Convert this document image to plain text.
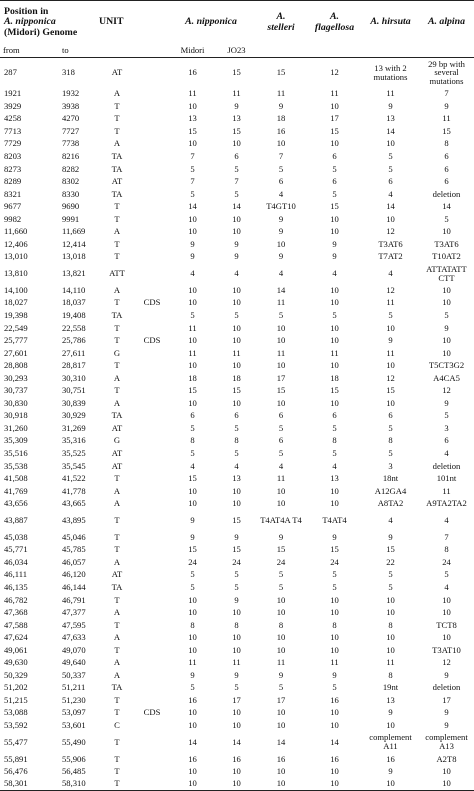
Position in
A. nipponica
(Midori) Genome		UNIT		A. nipponica		A.
stelleri	A.
flagellosa	A. hirsuta	A. alpina
from	to			Midori	JO23				
287	318	AT		16	15	15	12	13 with 2 mutations	29 bp with several mutations
1921	1932	A		11	11	11	11	11	7
3929	3938	T		10	9	9	10	9	9
4258	4270	T		13	13	18	17	13	11
7713	7727	T		15	15	16	15	14	15
7729	7738	A		10	10	10	10	10	8
8203	8216	TA		7	6	7	6	5	6
8273	8282	TA		5	5	5	5	5	6
8289	8302	AT		7	7	6	6	6	6
8321	8330	TA		5	5	4	5	4	deletion
9677	9690	T		14	14	T4GT10	15	14	14
9982	9991	T		10	10	9	10	10	5
11,660	11,669	A		10	10	9	10	12	10
12,406	12,414	T		9	9	10	9	T3AT6	T3AT6
13,010	13,018	T		9	9	9	9	T7AT2	T10AT2
13,810	13,821	ATT		4	4	4	4	4	ATTATATT CTT
14,100	14,110	A		10	10	14	10	12	10
18,027	18,037	T	CDS	10	10	11	10	11	10
19,398	19,408	TA		5	5	5	5	5	5
22,549	22,558	T		11	10	10	10	10	9
25,777	25,786	T	CDS	10	10	10	10	9	10
27,601	27,611	G		11	11	11	11	11	10
28,808	28,817	T		10	10	10	10	10	T5CT3G2
30,293	30,310	A		18	18	17	18	12	A4CA5
30,737	30,751	T		15	15	15	15	15	12
30,830	30,839	A		10	10	10	10	10	9
30,918	30,929	TA		6	6	6	6	6	5
31,260	31,269	AT		5	5	5	5	5	3
35,309	35,316	G		8	8	6	8	8	6
35,516	35,525	AT		5	5	5	5	5	4
35,538	35,545	AT		4	4	4	4	3	deletion
41,508	41,522	T		15	13	11	13	18nt	101nt
41,769	41,778	A		10	10	10	10	A12GA4	11
43,656	43,665	A		10	10	10	10	A8TA2	A9TA2TA2
43,887	43,895	T		9	15	T4AT4A T4	T4AT4	4	4
45,038	45,046	T		9	9	9	9	9	7
45,771	45,785	T		15	15	15	15	15	8
46,034	46,057	A		24	24	24	24	22	24
46,111	46,120	AT		5	5	5	5	5	5
46,135	46,144	TA		5	5	5	5	5	4
46,782	46,791	T		10	9	10	10	10	10
47,368	47,377	A		10	10	10	10	10	10
47,588	47,595	T		8	8	8	8	8	TCT8
47,624	47,633	A		10	10	10	10	10	10
49,061	49,070	T		10	10	10	10	10	T3AT10
49,630	49,640	A		11	11	11	11	11	12
50,329	50,337	A		9	9	9	9	8	9
51,202	51,211	TA		5	5	5	5	19nt	deletion
51,215	51,230	T		16	17	17	16	13	17
53,088	53,097	T	CDS	10	10	10	10	9	9
53,592	53,601	C		10	10	10	10	10	9
55,477	55,490	T		14	14	14	14	complement A11	complement A13
55,891	55,906	T		16	16	16	16	16	A2T8
56,476	56,485	T		10	10	10	10	9	10
58,301	58,310	T		10	10	10	10	10	10
